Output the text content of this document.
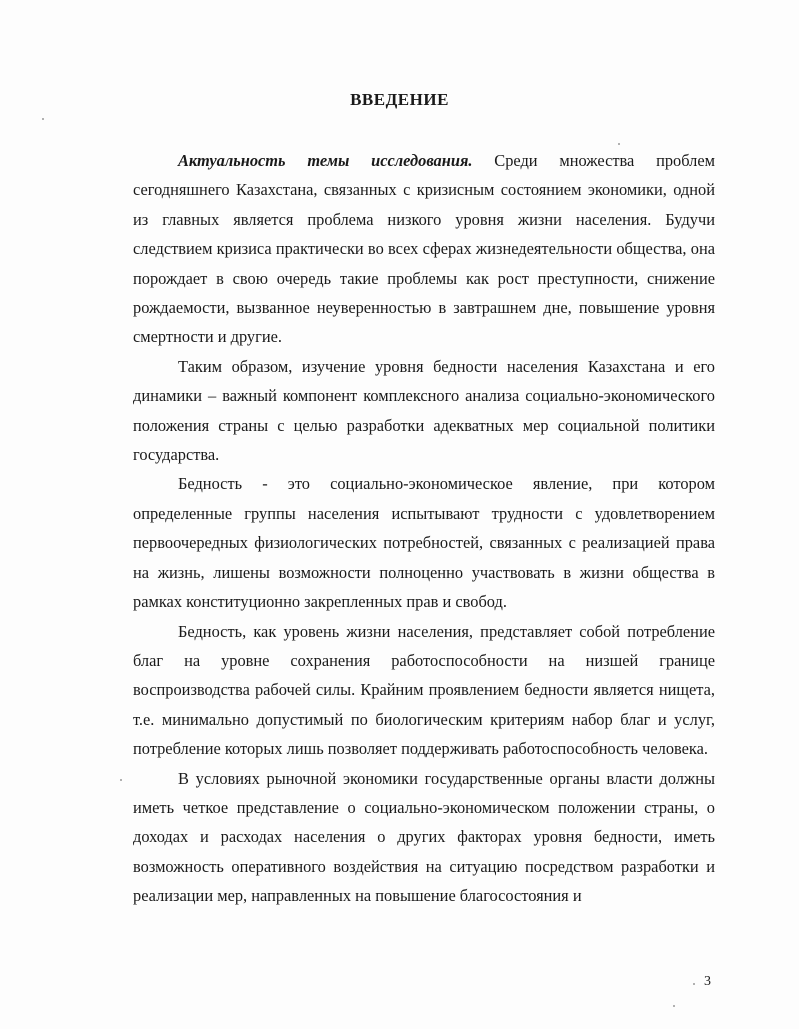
ВВЕДЕНИЕ

Актуальность темы исследования. Среди множества проблем сегодняшнего Казахстана, связанных с кризисным состоянием экономики, одной из главных является проблема низкого уровня жизни населения. Будучи следствием кризиса практически во всех сферах жизнедеятельности общества, она порождает в свою очередь такие проблемы как рост преступности, снижение рождаемости, вызванное неуверенностью в завтрашнем дне, повышение уровня смертности и другие.

Таким образом, изучение уровня бедности населения Казахстана и его динамики – важный компонент комплексного анализа социально-экономического положения страны с целью разработки адекватных мер социальной политики государства.

Бедность - это социально-экономическое явление, при котором определенные группы населения испытывают трудности с удовлетворением первоочередных физиологических потребностей, связанных с реализацией права на жизнь, лишены возможности полноценно участвовать в жизни общества в рамках конституционно закрепленных прав и свобод.

Бедность, как уровень жизни населения, представляет собой потребление благ на уровне сохранения работоспособности на низшей границе воспроизводства рабочей силы. Крайним проявлением бедности является нищета, т.е. минимально допустимый по биологическим критериям набор благ и услуг, потребление которых лишь позволяет поддерживать работоспособность человека.

В условиях рыночной экономики государственные органы власти должны иметь четкое представление о социально-экономическом положении страны, о доходах и расходах населения о других факторах уровня бедности, иметь возможность оперативного воздействия на ситуацию посредством разработки и реализации мер, направленных на повышение благосостояния и

3
